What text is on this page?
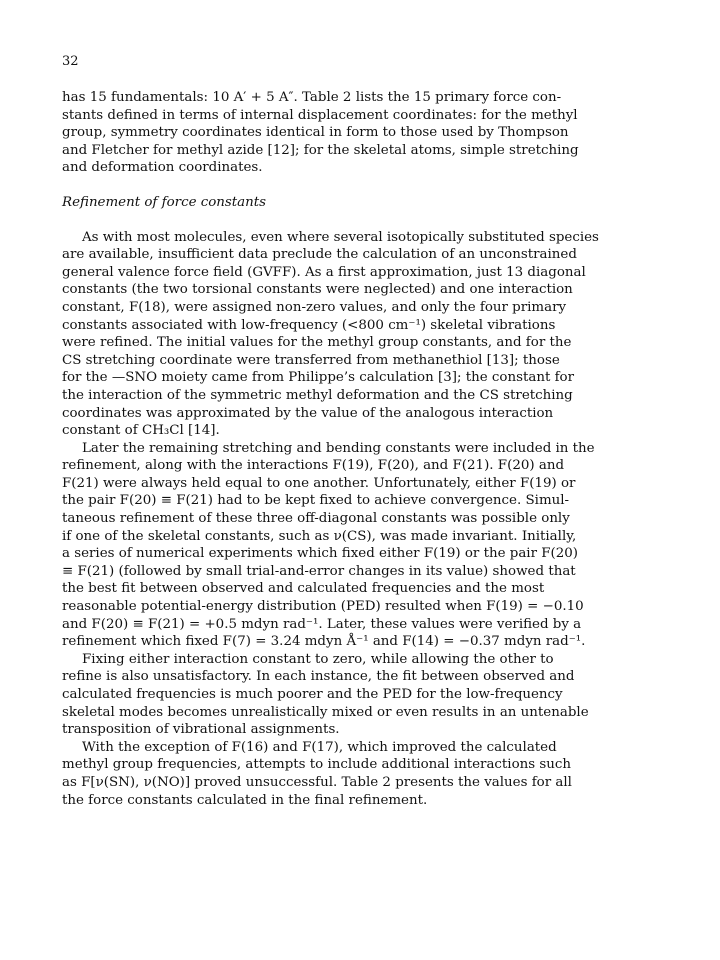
32

has 15 fundamentals: 10 A′ + 5 A″. Table 2 lists the 15 primary force con-
stants defined in terms of internal displacement coordinates: for the methyl
group, symmetry coordinates identical in form to those used by Thompson
and Fletcher for methyl azide [12]; for the skeletal atoms, simple stretching
and deformation coordinates.

Refinement of force constants

As with most molecules, even where several isotopically substituted species
are available, insufficient data preclude the calculation of an unconstrained
general valence force field (GVFF). As a first approximation, just 13 diagonal
constants (the two torsional constants were neglected) and one interaction
constant, F(18), were assigned non-zero values, and only the four primary
constants associated with low-frequency (<800 cm⁻¹) skeletal vibrations
were refined. The initial values for the methyl group constants, and for the
CS stretching coordinate were transferred from methanethiol [13]; those
for the —SNO moiety came from Philippe’s calculation [3]; the constant for
the interaction of the symmetric methyl deformation and the CS stretching
coordinates was approximated by the value of the analogous interaction
constant of CH₃Cl [14].

Later the remaining stretching and bending constants were included in the
refinement, along with the interactions F(19), F(20), and F(21). F(20) and
F(21) were always held equal to one another. Unfortunately, either F(19) or
the pair F(20) ≡ F(21) had to be kept fixed to achieve convergence. Simul-
taneous refinement of these three off-diagonal constants was possible only
if one of the skeletal constants, such as ν(CS), was made invariant. Initially,
a series of numerical experiments which fixed either F(19) or the pair F(20)
≡ F(21) (followed by small trial-and-error changes in its value) showed that
the best fit between observed and calculated frequencies and the most
reasonable potential-energy distribution (PED) resulted when F(19) = −0.10
and F(20) ≡ F(21) = +0.5 mdyn rad⁻¹. Later, these values were verified by a
refinement which fixed F(7) = 3.24 mdyn Å⁻¹ and F(14) = −0.37 mdyn rad⁻¹.

Fixing either interaction constant to zero, while allowing the other to
refine is also unsatisfactory. In each instance, the fit between observed and
calculated frequencies is much poorer and the PED for the low-frequency
skeletal modes becomes unrealistically mixed or even results in an untenable
transposition of vibrational assignments.

With the exception of F(16) and F(17), which improved the calculated
methyl group frequencies, attempts to include additional interactions such
as F[ν(SN), ν(NO)] proved unsuccessful. Table 2 presents the values for all
the force constants calculated in the final refinement.
